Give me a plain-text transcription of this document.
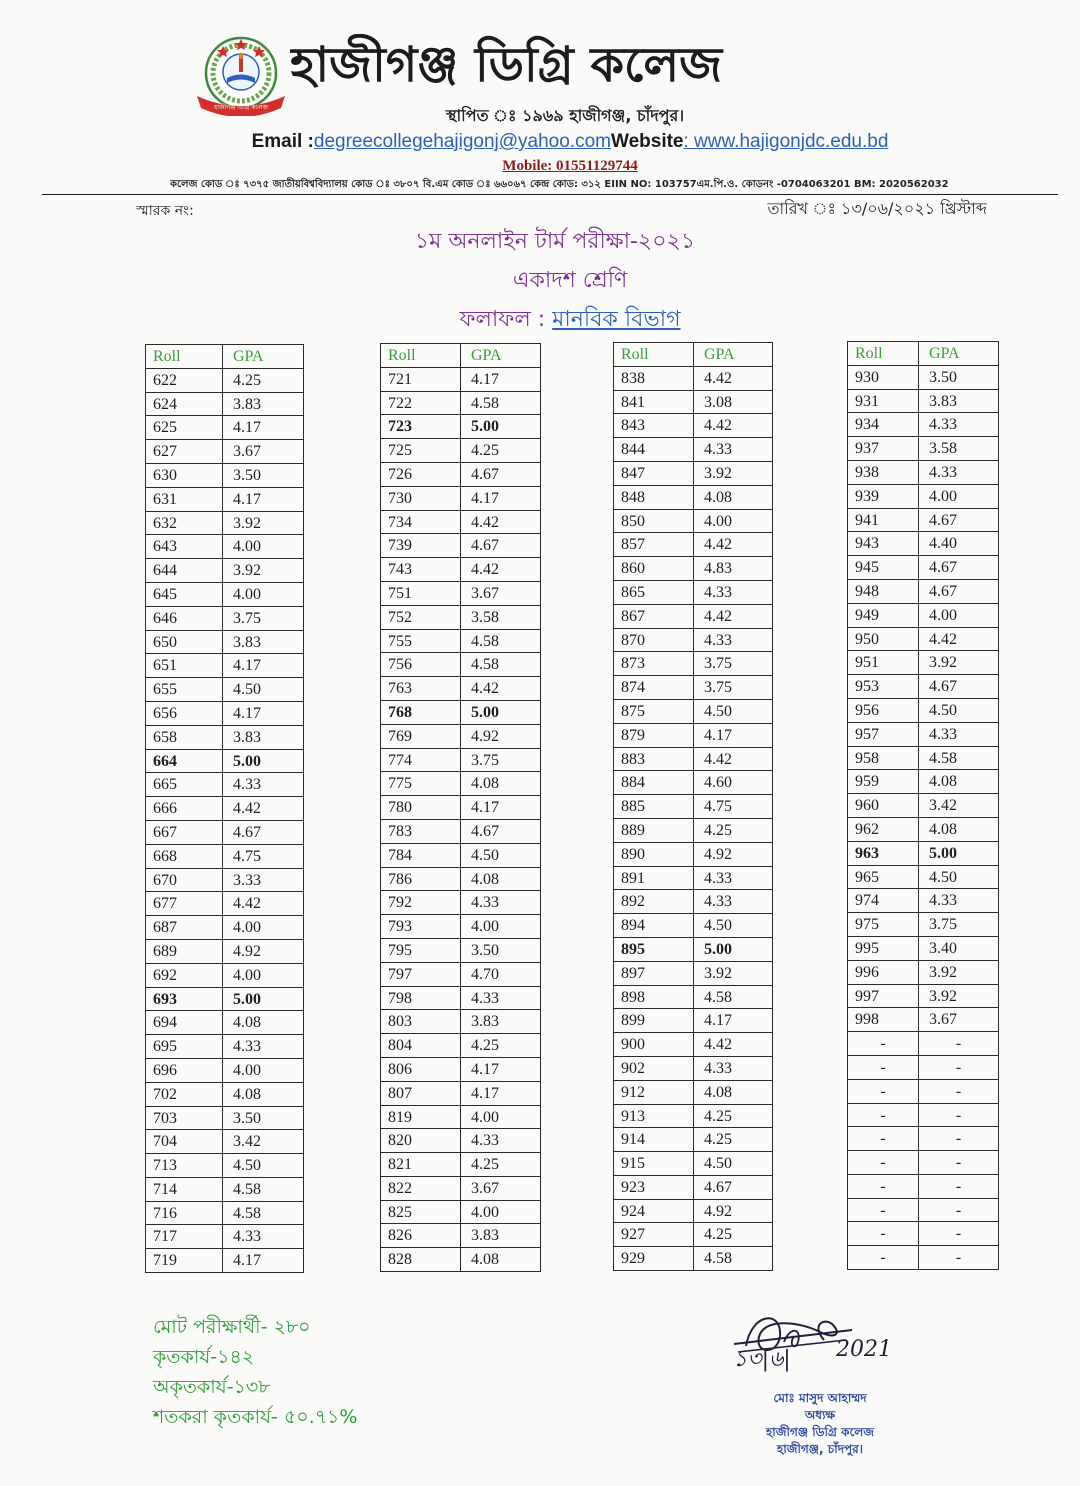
হাজীগঞ্জ ডিগ্রি কলেজ
হাজীগঞ্জ ডিগ্রি কলেজ
স্থাপিত ঃ ১৯৬৯ হাজীগঞ্জ, চাঁদপুর।
Email :degreecollegehajigonj@yahoo.comWebsite: www.hajigonjdc.edu.bd
Mobile: 01551129744
কলেজ কোড ঃ ৭৩৭৫ জাতীয়বিশ্ববিদ্যালয় কোড ঃ ৩৮০৭ বি.এম কোড ঃ ৬৬০৬৭ কেন্দ্র কোড: ৩১২ EIIN NO: 103757এম.পি.ও. কোডনং -0704063201 BM: 2020562032
স্মারক নং:	তারিখ ঃ ১৩/০৬/২০২১ খ্রিস্টাব্দ
১ম অনলাইন টার্ম পরীক্ষা-২০২১
একাদশ শ্রেণি
ফলাফল : মানবিক বিভাগ
Roll	GPA
622	4.25
624	3.83
625	4.17
627	3.67
630	3.50
631	4.17
632	3.92
643	4.00
644	3.92
645	4.00
646	3.75
650	3.83
651	4.17
655	4.50
656	4.17
658	3.83
664	5.00
665	4.33
666	4.42
667	4.67
668	4.75
670	3.33
677	4.42
687	4.00
689	4.92
692	4.00
693	5.00
694	4.08
695	4.33
696	4.00
702	4.08
703	3.50
704	3.42
713	4.50
714	4.58
716	4.58
717	4.33
719	4.17
Roll	GPA
721	4.17
722	4.58
723	5.00
725	4.25
726	4.67
730	4.17
734	4.42
739	4.67
743	4.42
751	3.67
752	3.58
755	4.58
756	4.58
763	4.42
768	5.00
769	4.92
774	3.75
775	4.08
780	4.17
783	4.67
784	4.50
786	4.08
792	4.33
793	4.00
795	3.50
797	4.70
798	4.33
803	3.83
804	4.25
806	4.17
807	4.17
819	4.00
820	4.33
821	4.25
822	3.67
825	4.00
826	3.83
828	4.08
Roll	GPA
838	4.42
841	3.08
843	4.42
844	4.33
847	3.92
848	4.08
850	4.00
857	4.42
860	4.83
865	4.33
867	4.42
870	4.33
873	3.75
874	3.75
875	4.50
879	4.17
883	4.42
884	4.60
885	4.75
889	4.25
890	4.92
891	4.33
892	4.33
894	4.50
895	5.00
897	3.92
898	4.58
899	4.17
900	4.42
902	4.33
912	4.08
913	4.25
914	4.25
915	4.50
923	4.67
924	4.92
927	4.25
929	4.58
Roll	GPA
930	3.50
931	3.83
934	4.33
937	3.58
938	4.33
939	4.00
941	4.67
943	4.40
945	4.67
948	4.67
949	4.00
950	4.42
951	3.92
953	4.67
956	4.50
957	4.33
958	4.58
959	4.08
960	3.42
962	4.08
963	5.00
965	4.50
974	4.33
975	3.75
995	3.40
996	3.92
997	3.92
998	3.67
-	-
-	-
-	-
-	-
-	-
-	-
-	-
-	-
-	-
-	-
মোট পরীক্ষার্থী- ২৮০
কৃতকার্য-১৪২
অকৃতকার্য-১৩৮
শতকরা কৃতকার্য- ৫০.৭১%
১৩|৬| 2021
মোঃ মাসুদ আহাম্মদ
অধ্যক্ষ
হাজীগঞ্জ ডিগ্রি কলেজ
হাজীগঞ্জ, চাঁদপুর।
